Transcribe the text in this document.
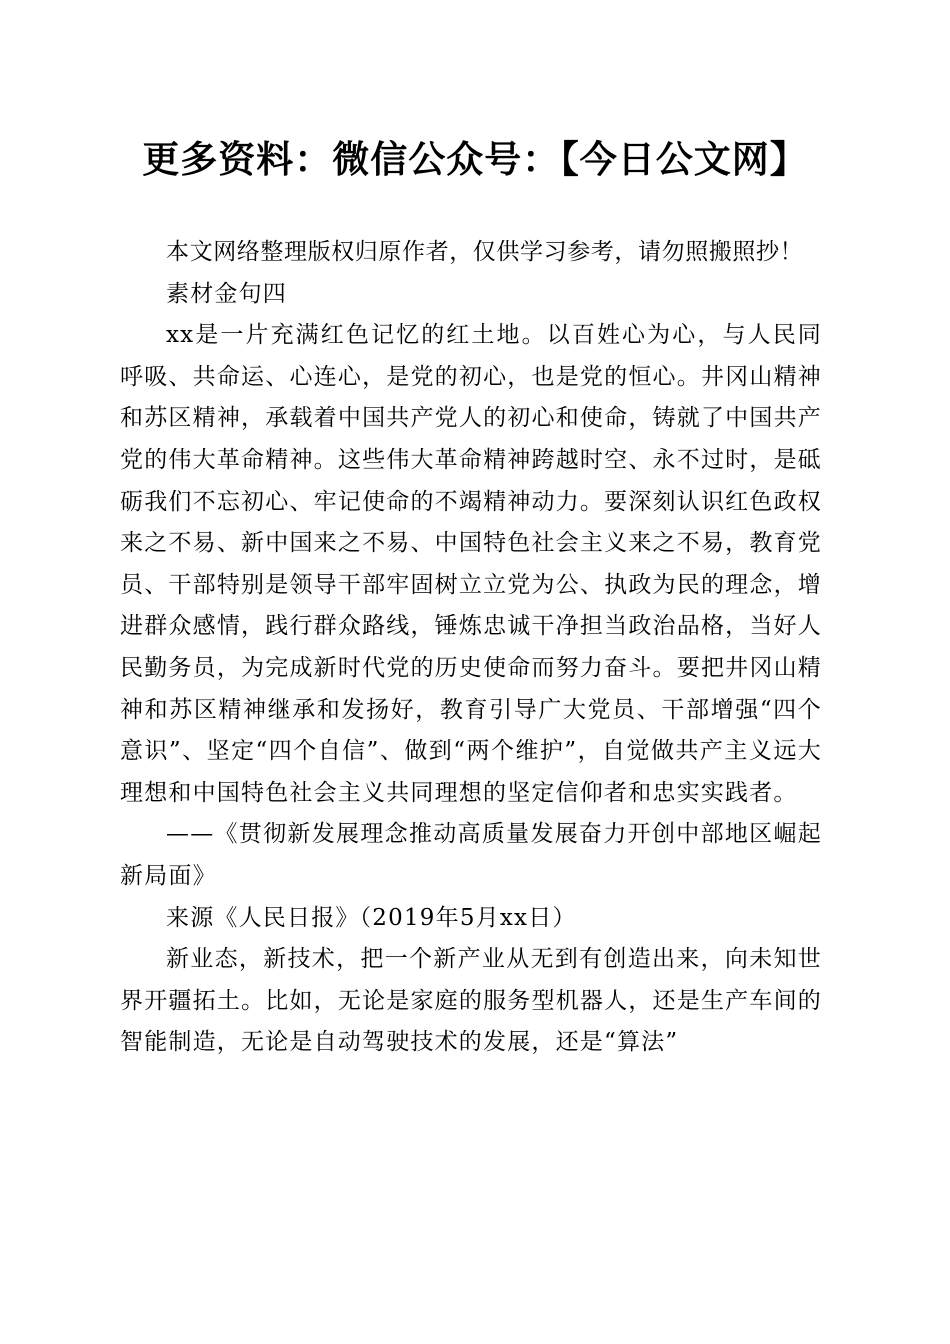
更多资料：微信公众号：【今日公文网】

本文网络整理版权归原作者，仅供学习参考，请勿照搬照抄！

素材金句四

xx是一片充满红色记忆的红土地。以百姓心为心，与人民同呼吸、共命运、心连心，是党的初心，也是党的恒心。井冈山精神和苏区精神，承载着中国共产党人的初心和使命，铸就了中国共产党的伟大革命精神。这些伟大革命精神跨越时空、永不过时，是砥砺我们不忘初心、牢记使命的不竭精神动力。要深刻认识红色政权来之不易、新中国来之不易、中国特色社会主义来之不易，教育党员、干部特别是领导干部牢固树立立党为公、执政为民的理念，增进群众感情，践行群众路线，锤炼忠诚干净担当政治品格，当好人民勤务员，为完成新时代党的历史使命而努力奋斗。要把井冈山精神和苏区精神继承和发扬好，教育引导广大党员、干部增强“四个意识”、坚定“四个自信”、做到“两个维护”，自觉做共产主义远大理想和中国特色社会主义共同理想的坚定信仰者和忠实实践者。

——《贯彻新发展理念推动高质量发展奋力开创中部地区崛起新局面》

来源《人民日报》（2019年5月xx日）

新业态，新技术，把一个新产业从无到有创造出来，向未知世界开疆拓土。比如，无论是家庭的服务型机器人，还是生产车间的智能制造，无论是自动驾驶技术的发展，还是“算法”
